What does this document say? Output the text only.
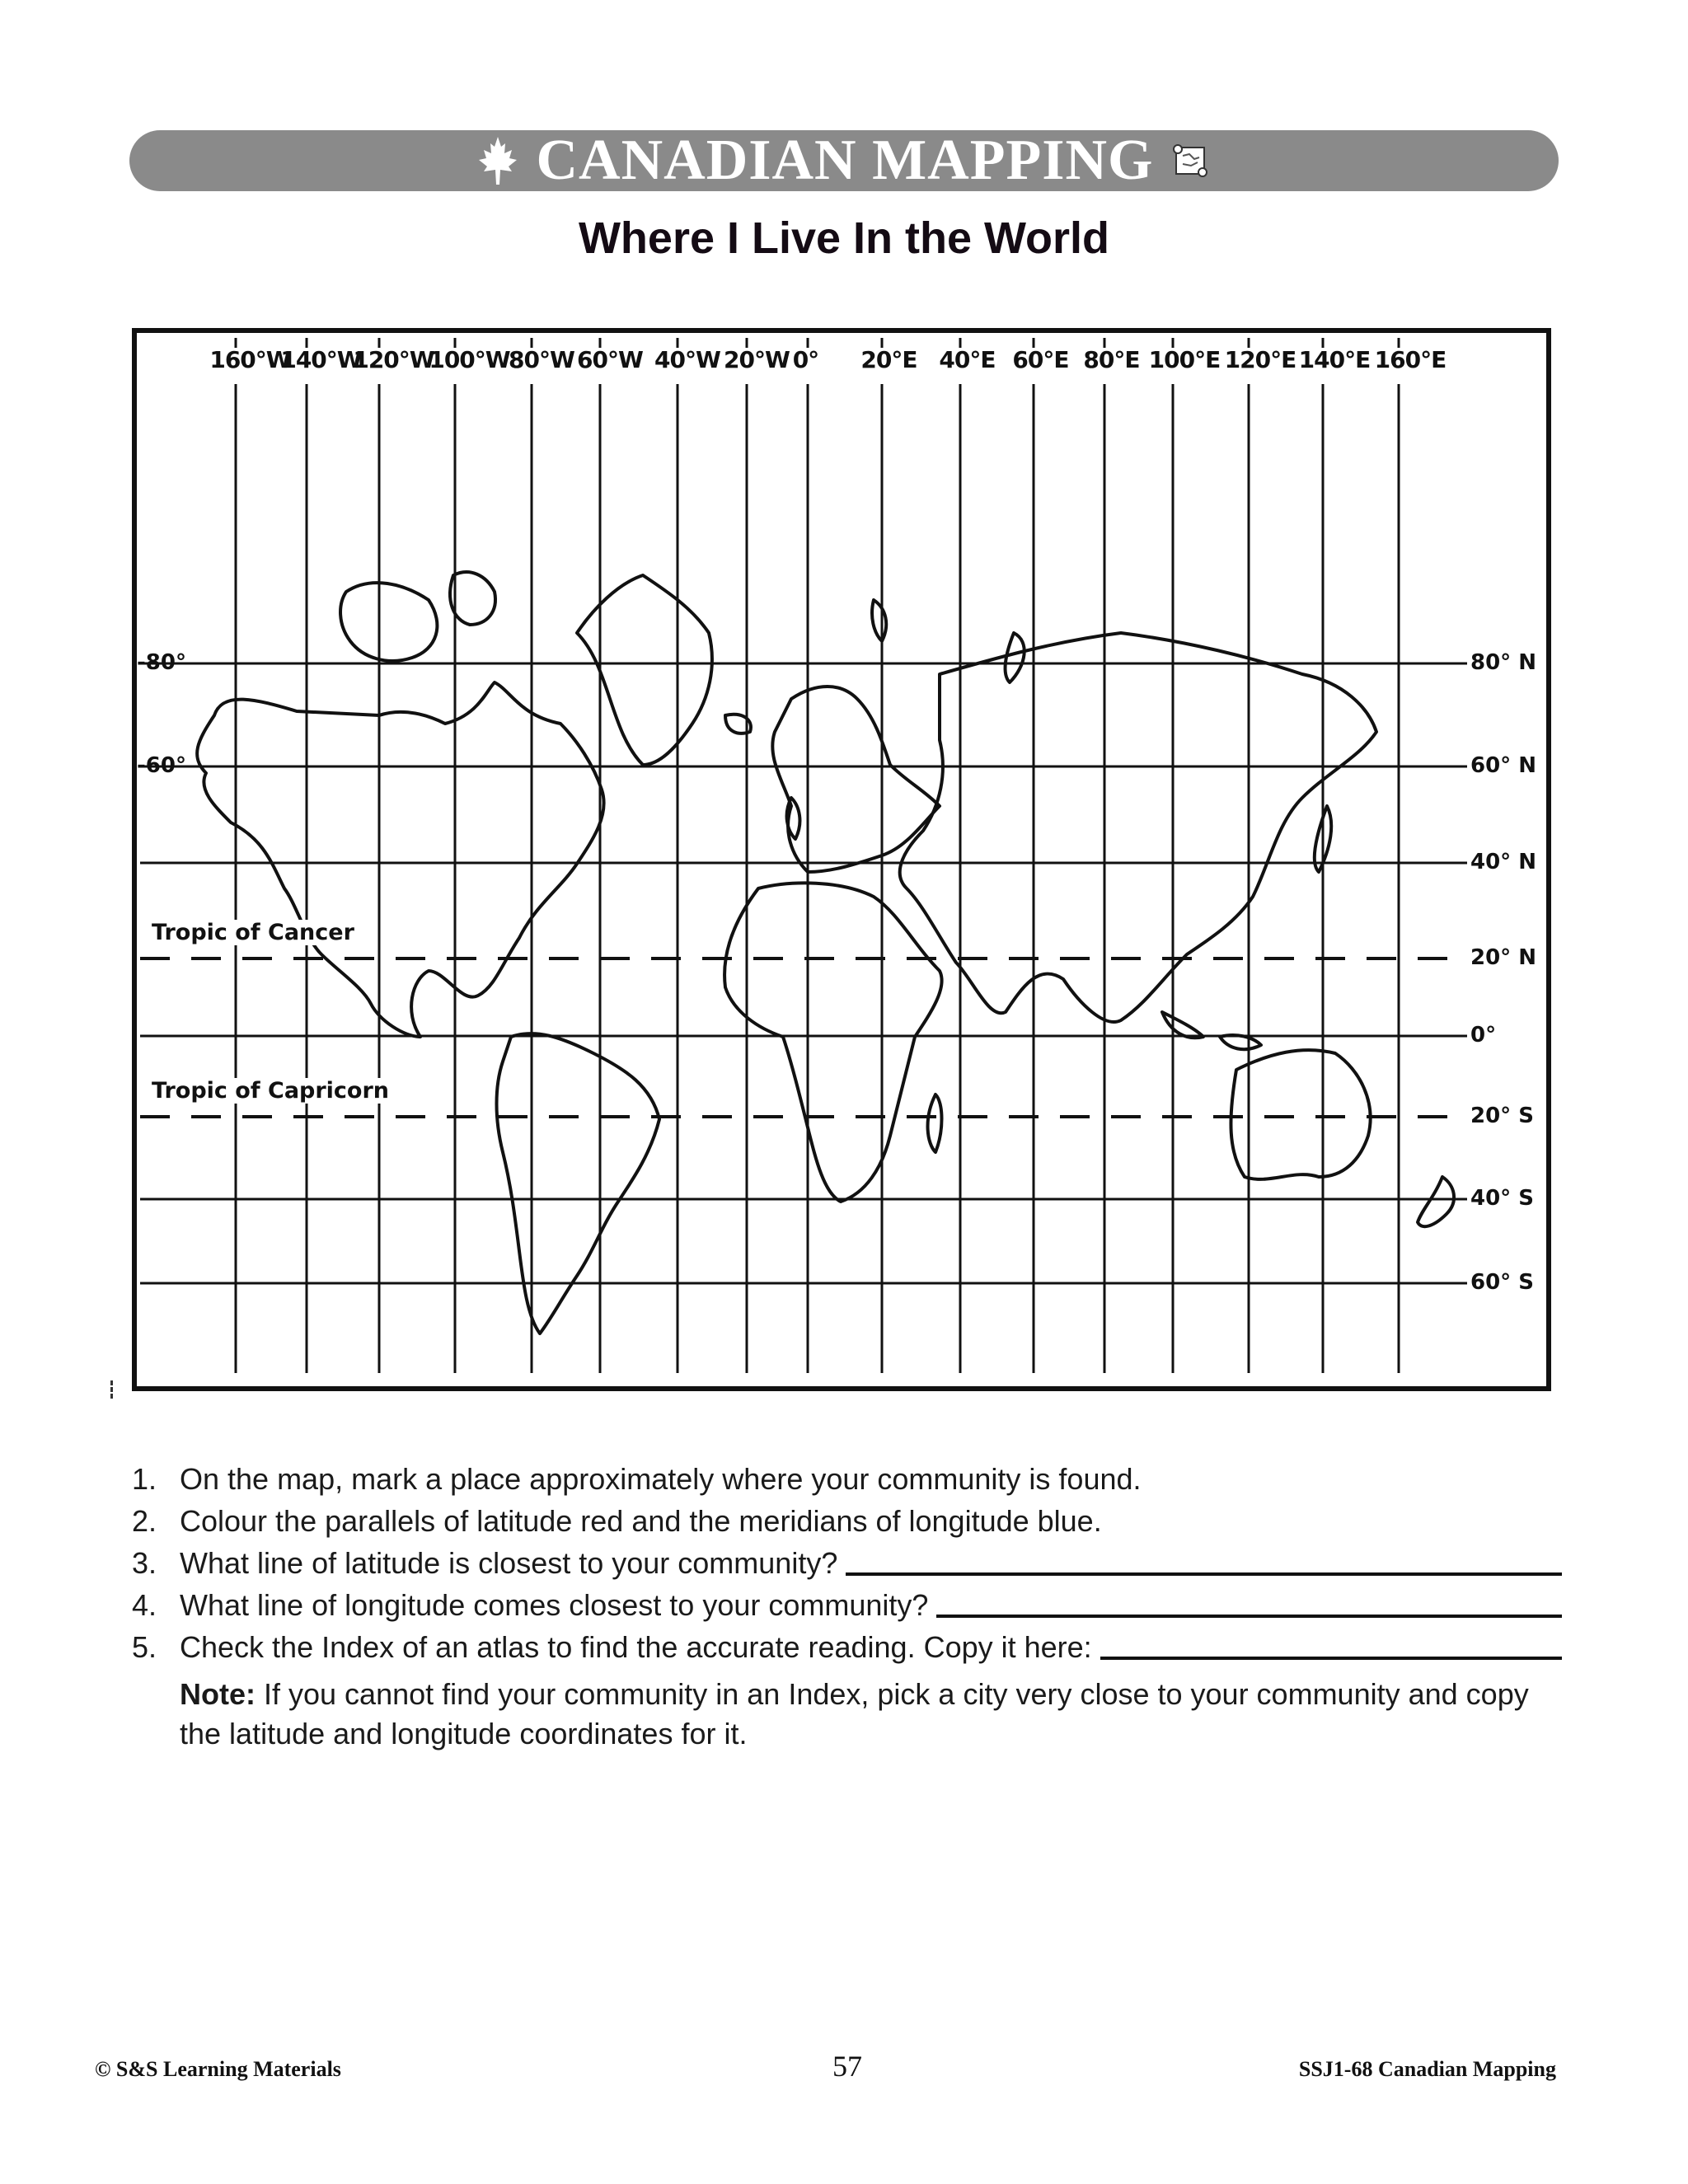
CANADIAN MAPPING
Where I Live In the World
160°W
140°W
120°W
100°W
80°W 60°W 40°W 20°W 0° 20°E 40°E 60°E 80°E 100°E 120°E 140°E 160°E
80° N
-80°
60° N
-60°
40° N
20° N
0°
20° S
40° S
60° S
Tropic of Cancer
Tropic of Capricorn
1. On the map, mark a place approximately where your community is found.
2. Colour the parallels of latitude red and the meridians of longitude blue.
3. What line of latitude is closest to your community?
4. What line of longitude comes closest to your community?
5. Check the Index of an atlas to find the accurate reading. Copy it here:
Note: If you cannot find your community in an Index, pick a city very close to your community and copy the latitude and longitude coordinates for it.
© S&S Learning Materials	57	SSJ1-68 Canadian Mapping
